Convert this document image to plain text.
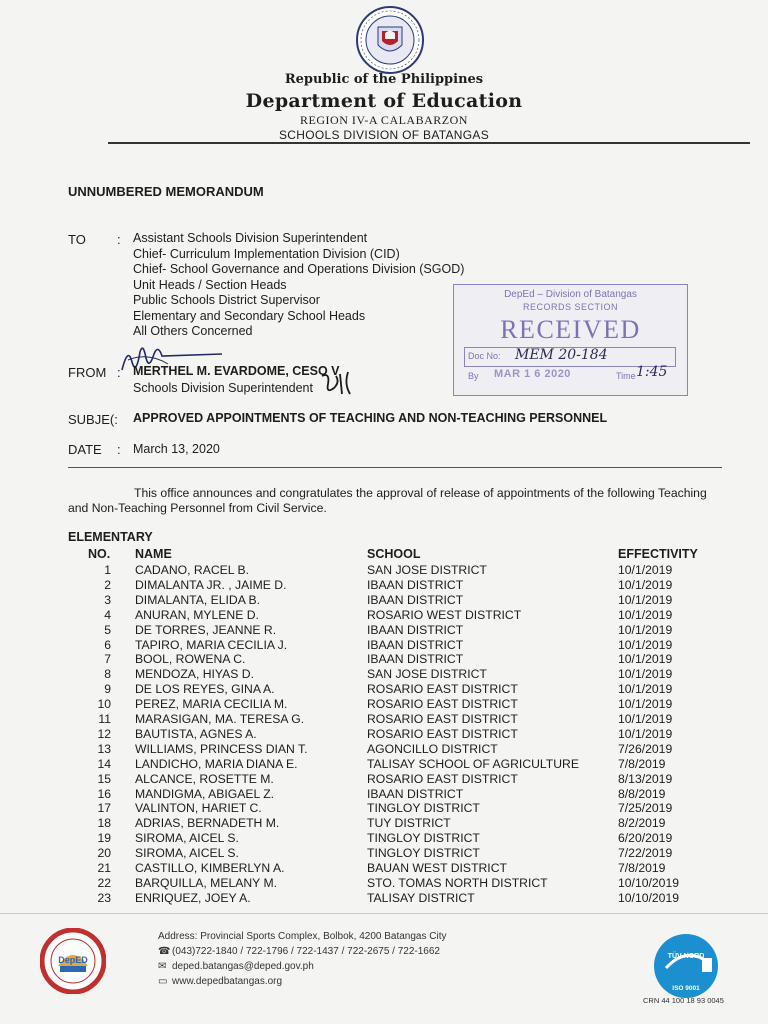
Republic of the Philippines
Department of Education
REGION IV-A CALABARZON
SCHOOLS DIVISION OF BATANGAS
UNNUMBERED MEMORANDUM
TO : Assistant Schools Division Superintendent
Chief- Curriculum Implementation Division (CID)
Chief- School Governance and Operations Division (SGOD)
Unit Heads / Section Heads
Public Schools District Supervisor
Elementary and Secondary School Heads
All Others Concerned
DepEd – Division of Batangas
RECORDS SECTION
RECEIVED
Doc No: MEM 20-184
By MAR 1 6 2020	Time 1:45
FROM : MERTHEL M. EVARDOME, CESO V
Schools Division Superintendent
SUBJE(: APPROVED APPOINTMENTS OF TEACHING AND NON-TEACHING PERSONNEL
DATE : March 13, 2020
This office announces and congratulates the approval of release of appointments of the following Teaching and Non-Teaching Personnel from Civil Service.
ELEMENTARY
NO. NAME	SCHOOL	EFFECTIVITY
1 CADANO, RACEL B.	SAN JOSE DISTRICT	10/1/2019
2 DIMALANTA JR. , JAIME D.	IBAAN DISTRICT	10/1/2019
3 DIMALANTA, ELIDA B.	IBAAN DISTRICT	10/1/2019
4 ANURAN, MYLENE D.	ROSARIO WEST DISTRICT	10/1/2019
5 DE TORRES, JEANNE R.	IBAAN DISTRICT	10/1/2019
6 TAPIRO, MARIA CECILIA J.	IBAAN DISTRICT	10/1/2019
7 BOOL, ROWENA C.	IBAAN DISTRICT	10/1/2019
8 MENDOZA, HIYAS D.	SAN JOSE DISTRICT	10/1/2019
9 DE LOS REYES, GINA A.	ROSARIO EAST DISTRICT	10/1/2019
10 PEREZ, MARIA CECILIA M.	ROSARIO EAST DISTRICT	10/1/2019
11 MARASIGAN, MA. TERESA G.	ROSARIO EAST DISTRICT	10/1/2019
12 BAUTISTA, AGNES A.	ROSARIO EAST DISTRICT	10/1/2019
13 WILLIAMS, PRINCESS DIAN T.	AGONCILLO DISTRICT	7/26/2019
14 LANDICHO, MARIA DIANA E.	TALISAY SCHOOL OF AGRICULTURE	7/8/2019
15 ALCANCE, ROSETTE M.	ROSARIO EAST DISTRICT	8/13/2019
16 MANDIGMA, ABIGAEL Z.	IBAAN DISTRICT	8/8/2019
17 VALINTON, HARIET C.	TINGLOY DISTRICT	7/25/2019
18 ADRIAS, BERNADETH M.	TUY DISTRICT	8/2/2019
19 SIROMA, AICEL S.	TINGLOY DISTRICT	6/20/2019
20 SIROMA, AICEL S.	TINGLOY DISTRICT	7/22/2019
21 CASTILLO, KIMBERLYN A.	BAUAN WEST DISTRICT	7/8/2019
22 BARQUILLA, MELANY M.	STO. TOMAS NORTH DISTRICT	10/10/2019
23 ENRIQUEZ, JOEY A.	TALISAY DISTRICT	10/10/2019
DepED
Address: Provincial Sports Complex, Bolbok, 4200 Batangas City
☎ (043)722-1840 / 722-1796 / 722-1437 / 722-2675 / 722-1662
✉ deped.batangas@deped.gov.ph
▭ www.depedbatangas.org
TÜV NORD
ISO 9001
CRN 44 100 18 93 0045
